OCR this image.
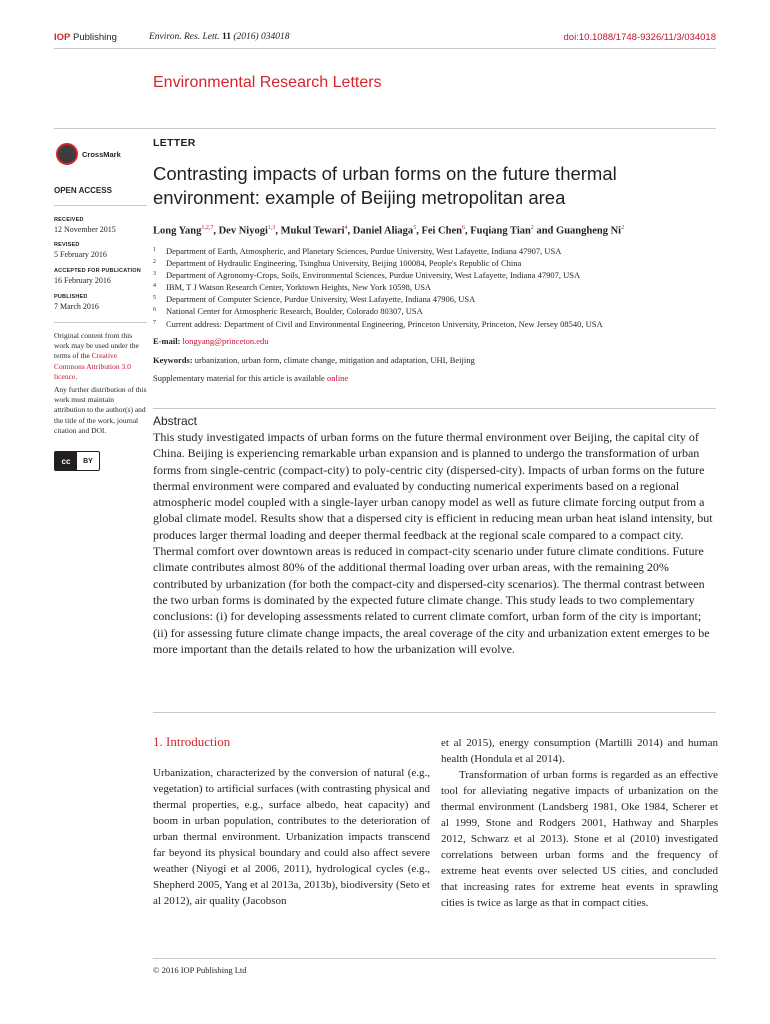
IOP Publishing	Environ. Res. Lett. 11 (2016) 034018	doi:10.1088/1748-9326/11/3/034018
Environmental Research Letters
LETTER
CrossMark
OPEN ACCESS
Contrasting impacts of urban forms on the future thermal environment: example of Beijing metropolitan area
RECEIVED
12 November 2015
REVISED
5 February 2016
ACCEPTED FOR PUBLICATION
16 February 2016
PUBLISHED
7 March 2016
Original content from this work may be used under the terms of the Creative Commons Attribution 3.0 licence.
Any further distribution of this work must maintain attribution to the author(s) and the title of the work, journal citation and DOI.
cc	BY
Long Yang$^{1,2,7}$, Dev Niyogi$^{1,3}$, Mukul Tewari$^4$, Daniel Aliaga$^5$, Fei Chen$^6$, Fuqiang Tian$^2$ and Guangheng Ni$^2$
1 Department of Earth, Atmospheric, and Planetary Sciences, Purdue University, West Lafayette, Indiana 47907, USA
2 Department of Hydraulic Engineering, Tsinghua University, Beijing 100084, People's Republic of China
3 Department of Agronomy-Crops, Soils, Environmental Sciences, Purdue University, West Lafayette, Indiana 47907, USA
4 IBM, T J Watson Research Center, Yorktown Heights, New York 10598, USA
5 Department of Computer Science, Purdue University, West Lafayette, Indiana 47906, USA
6 National Center for Atmospheric Research, Boulder, Colorado 80307, USA
7 Current address: Department of Civil and Environmental Engineering, Princeton University, Princeton, New Jersey 08540, USA
E-mail: longyang@princeton.edu
Keywords: urbanization, urban form, climate change, mitigation and adaptation, UHI, Beijing
Supplementary material for this article is available online
Abstract
This study investigated impacts of urban forms on the future thermal environment over Beijing, the capital city of China. Beijing is experiencing remarkable urban expansion and is planned to undergo the transformation of urban forms from single-centric (compact-city) to poly-centric city (dispersed-city). Impacts of urban forms on the future thermal environment were compared and evaluated by conducting numerical experiments based on a regional atmospheric model coupled with a single-layer urban canopy model as well as future climate forcing output from a global climate model. Results show that a dispersed city is efficient in reducing mean urban heat island intensity, but produces larger thermal loading and deeper thermal feedback at the regional scale compared to a compact city. Thermal comfort over downtown areas is reduced in compact-city scenario under future climate conditions. Future climate contributes almost 80% of the additional thermal loading over urban areas, with the remaining 20% contributed by urbanization (for both the compact-city and dispersed-city scenarios). The thermal contrast between the two urban forms is dominated by the expected future climate change. This study leads to two complementary conclusions: (i) for developing assessments related to current climate comfort, urban form of the city is important; (ii) for assessing future climate change impacts, the areal coverage of the city and urbanization extent emerges to be more important than the details related to how the urbanization will evolve.
1. Introduction

Urbanization, characterized by the conversion of natural (e.g., vegetation) to artificial surfaces (with contrasting physical and thermal properties, e.g., surface albedo, heat capacity) and boom in urban population, contributes to the deterioration of urban thermal environment. Urbanization impacts transcend far beyond its physical boundary and could also affect severe weather (Niyogi et al 2006, 2011), hydrological cycles (e.g., Shepherd 2005, Yang et al 2013a, 2013b), biodiversity (Seto et al 2012), air quality (Jacobson

et al 2015), energy consumption (Martilli 2014) and human health (Hondula et al 2014).

Transformation of urban forms is regarded as an effective tool for alleviating negative impacts of urbanization on the thermal environment (Landsberg 1981, Oke 1984, Scherer et al 1999, Stone and Rodgers 2001, Hathway and Sharples 2012, Schwarz et al 2013). Stone et al (2010) investigated correlations between urban forms and the frequency of extreme heat events over selected US cities, and concluded that increasing rates for extreme heat events in sprawling cities is twice as large as that in compact cities.

© 2016 IOP Publishing Ltd
